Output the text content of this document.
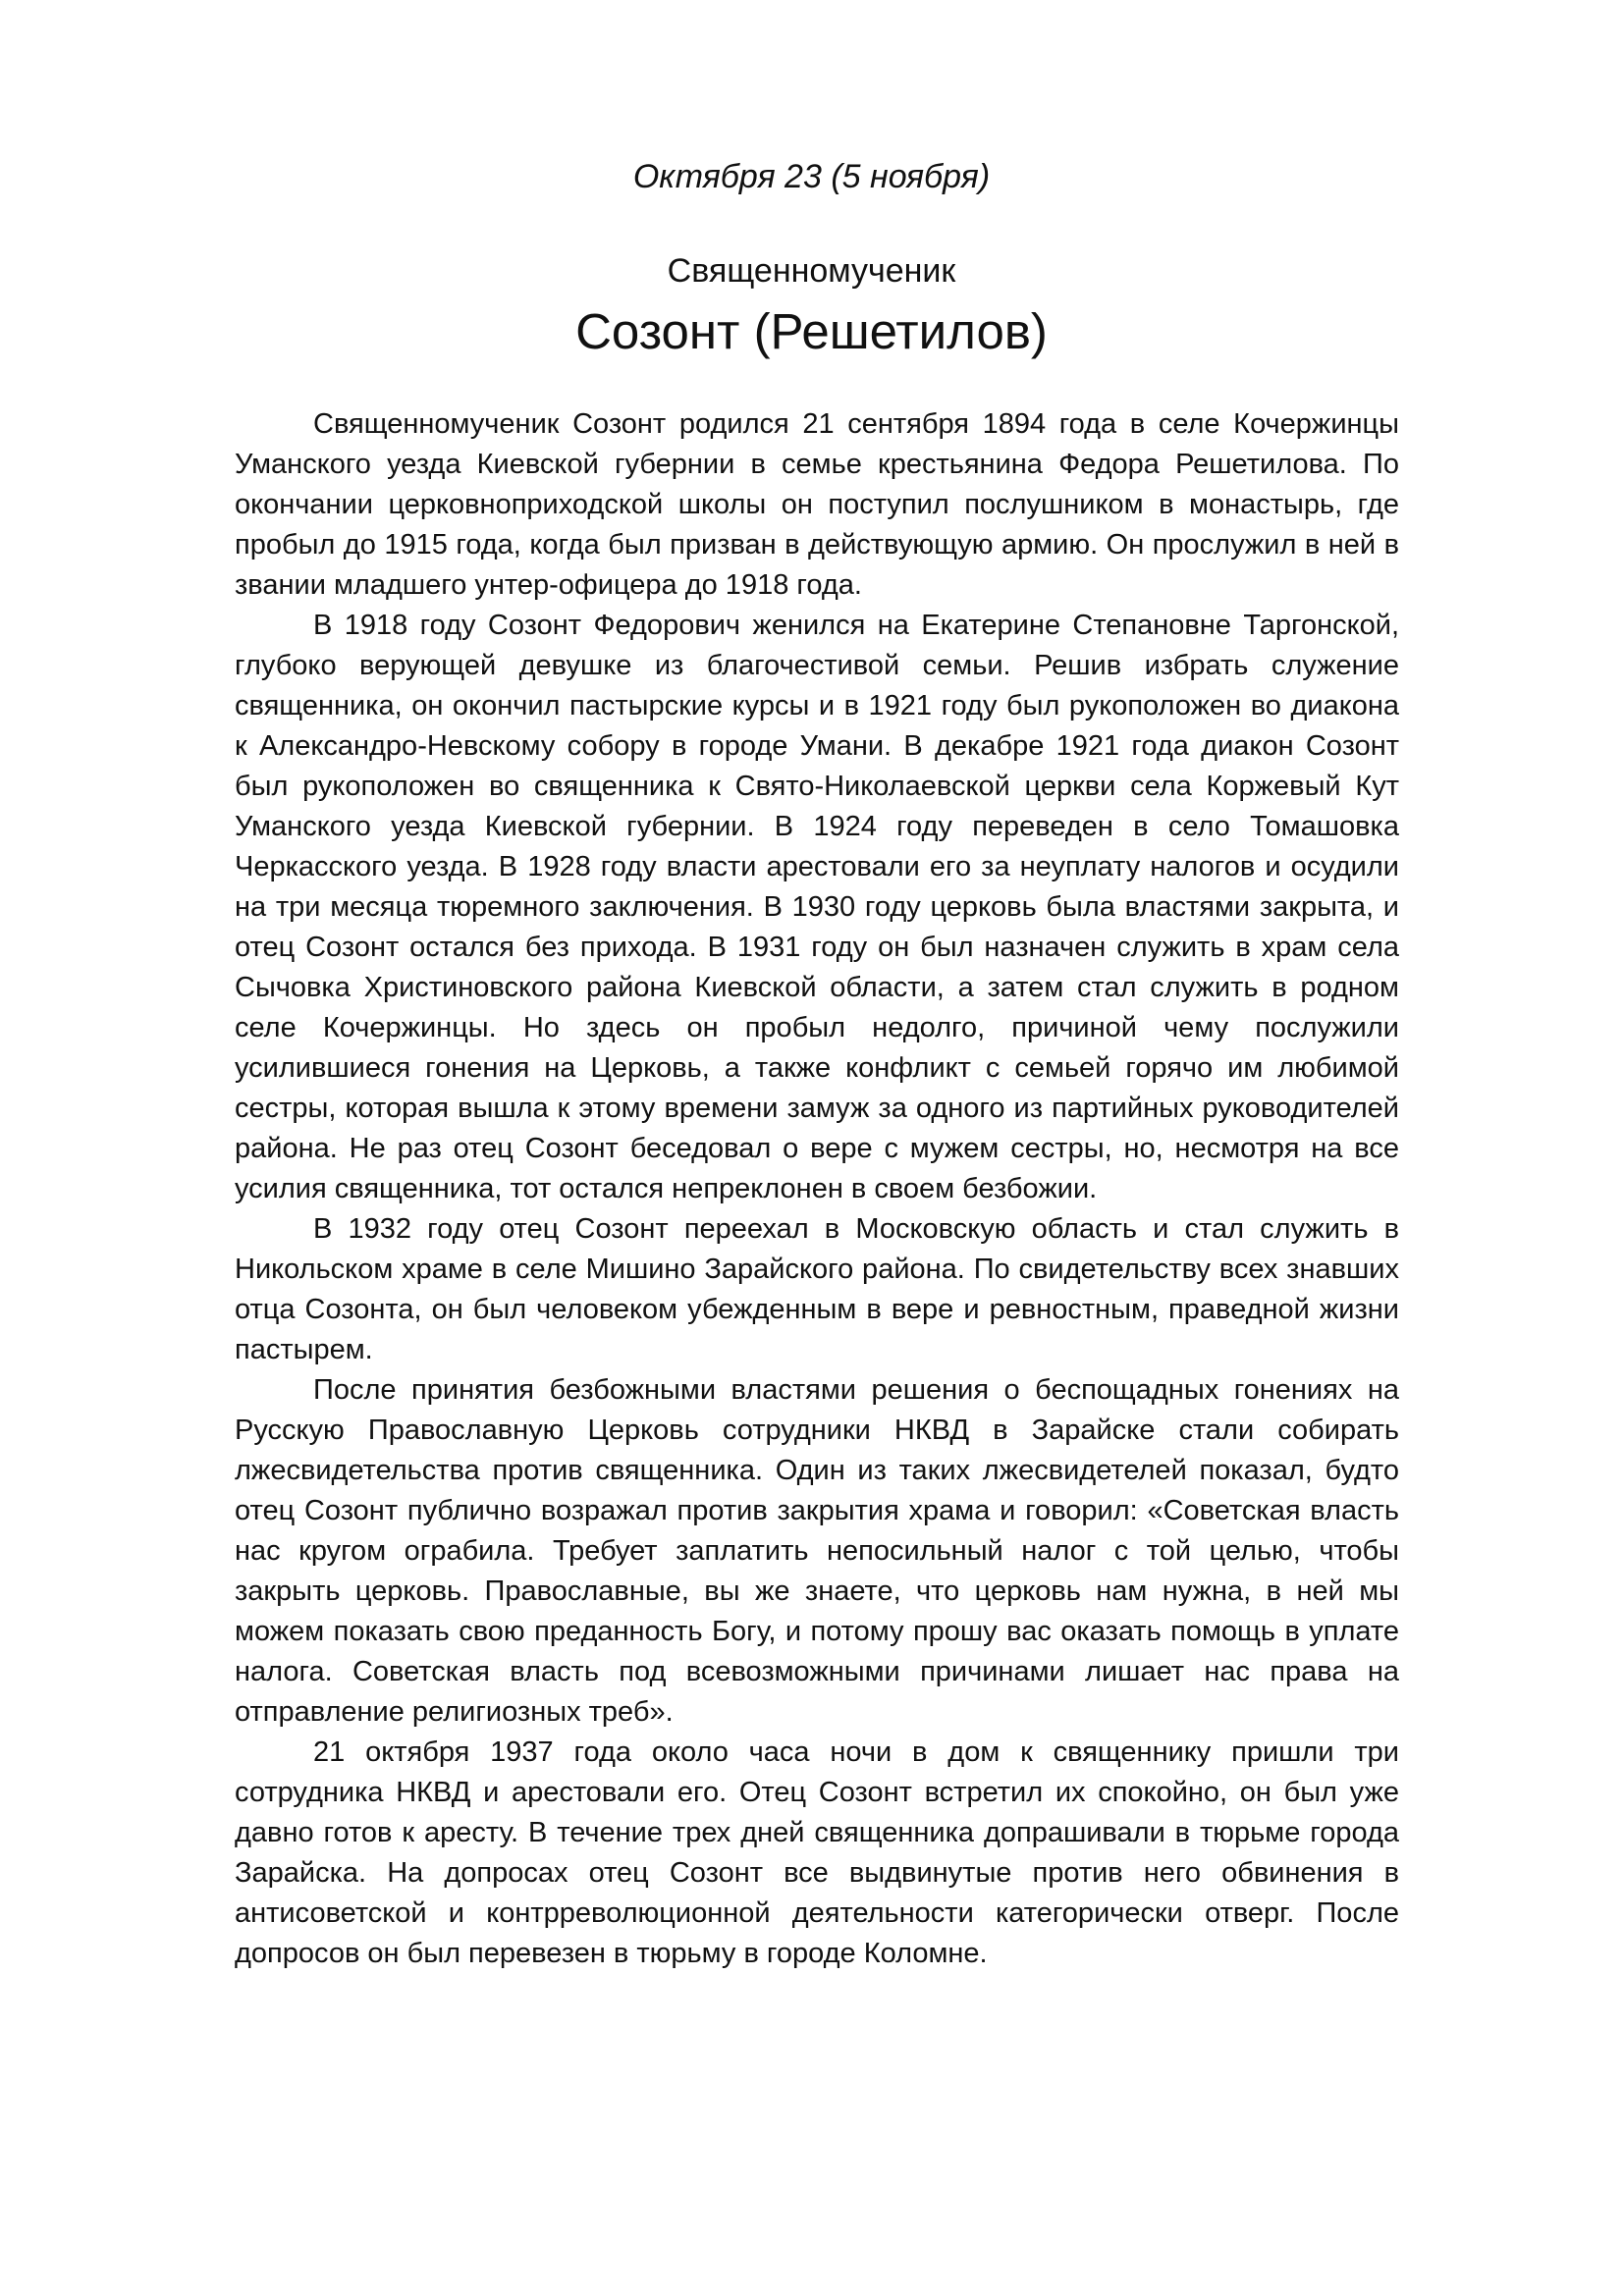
Октября 23 (5 ноября)
Священномученик
Созонт (Решетилов)

Священномученик Созонт родился 21 сентября 1894 года в селе Кочержинцы Уманского уезда Киевской губернии в семье крестьянина Федора Решетилова. По окончании церковноприходской школы он поступил послушником в монастырь, где пробыл до 1915 года, когда был призван в действующую армию. Он прослужил в ней в звании младшего унтер-офицера до 1918 года.

В 1918 году Созонт Федорович женился на Екатерине Степановне Таргонской, глубоко верующей девушке из благочестивой семьи. Решив избрать служение священника, он окончил пастырские курсы и в 1921 году был рукоположен во диакона к Александро-Невскому собору в городе Умани. В декабре 1921 года диакон Созонт был рукоположен во священника к Свято-Николаевской церкви села Коржевый Кут Уманского уезда Киевской губернии. В 1924 году переведен в село Томашовка Черкасского уезда. В 1928 году власти арестовали его за неуплату налогов и осудили на три месяца тюремного заключения. В 1930 году церковь была властями закрыта, и отец Созонт остался без прихода. В 1931 году он был назначен служить в храм села Сычовка Христиновского района Киевской области, а затем стал служить в родном селе Кочержинцы. Но здесь он пробыл недолго, причиной чему послужили усилившиеся гонения на Церковь, а также конфликт с семьей горячо им любимой сестры, которая вышла к этому времени замуж за одного из партийных руководителей района. Не раз отец Созонт беседовал о вере с мужем сестры, но, несмотря на все усилия священника, тот остался непреклонен в своем безбожии.

В 1932 году отец Созонт переехал в Московскую область и стал служить в Никольском храме в селе Мишино Зарайского района. По свидетельству всех знавших отца Созонта, он был человеком убежденным в вере и ревностным, праведной жизни пастырем.

После принятия безбожными властями решения о беспощадных гонениях на Русскую Православную Церковь сотрудники НКВД в Зарайске стали собирать лжесвидетельства против священника. Один из таких лжесвидетелей показал, будто отец Созонт публично возражал против закрытия храма и говорил: «Советская власть нас кругом ограбила. Требует заплатить непосильный налог с той целью, чтобы закрыть церковь. Православные, вы же знаете, что церковь нам нужна, в ней мы можем показать свою преданность Богу, и потому прошу вас оказать помощь в уплате налога. Советская власть под всевозможными причинами лишает нас права на отправление религиозных треб».

21 октября 1937 года около часа ночи в дом к священнику пришли три сотрудника НКВД и арестовали его. Отец Созонт встретил их спокойно, он был уже давно готов к аресту. В течение трех дней священника допрашивали в тюрьме города Зарайска. На допросах отец Созонт все выдвинутые против него обвинения в антисоветской и контрреволюционной деятельности категорически отверг. После допросов он был перевезен в тюрьму в городе Коломне.
